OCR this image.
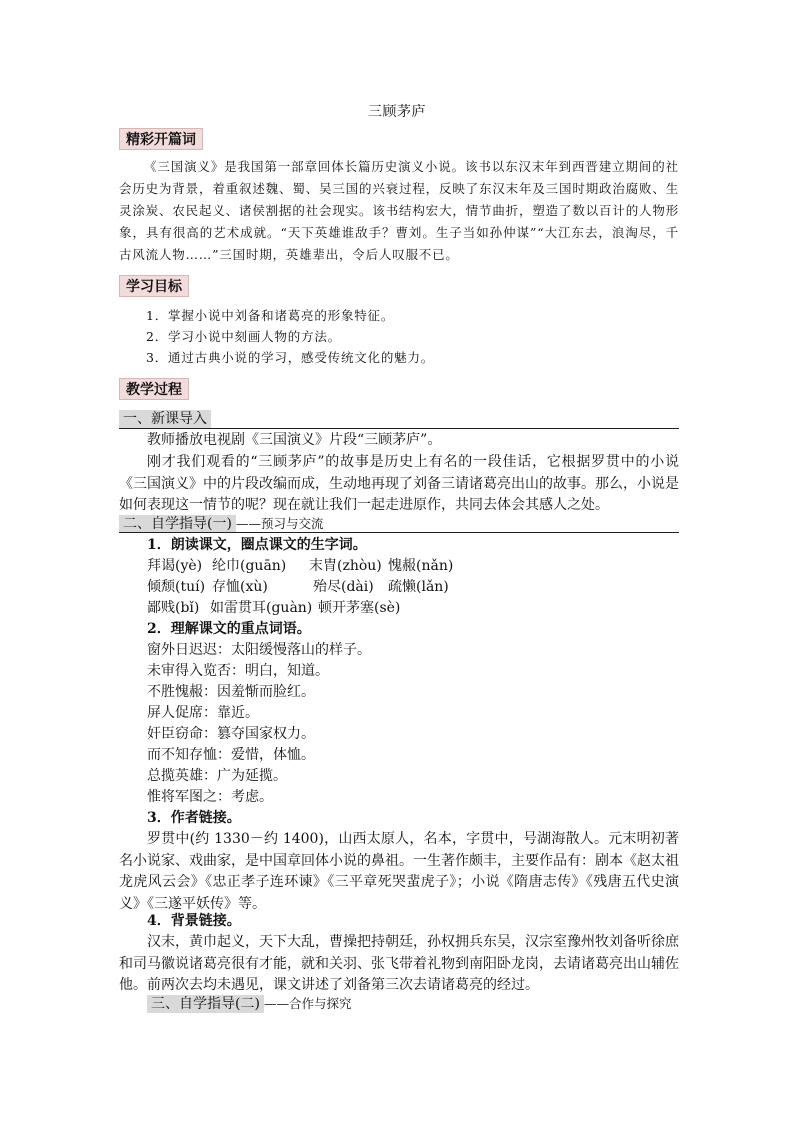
三顾茅庐
精彩开篇词
《三国演义》是我国第一部章回体长篇历史演义小说。该书以东汉末年到西晋建立期间的社会历史为背景，着重叙述魏、蜀、吴三国的兴衰过程，反映了东汉末年及三国时期政治腐败、生灵涂炭、农民起义、诸侯割据的社会现实。该书结构宏大，情节曲折，塑造了数以百计的人物形象，具有很高的艺术成就。“天下英雄谁敌手？曹刘。生子当如孙仲谋”“大江东去，浪淘尽，千古风流人物……”三国时期，英雄辈出，令后人叹服不已。
学习目标
1．掌握小说中刘备和诸葛亮的形象特征。
2．学习小说中刻画人物的方法。
3．通过古典小说的学习，感受传统文化的魅力。
教学过程
一、新课导入
教师播放电视剧《三国演义》片段“三顾茅庐”。
刚才我们观看的“三顾茅庐”的故事是历史上有名的一段佳话，它根据罗贯中的小说《三国演义》中的片段改编而成，生动地再现了刘备三请诸葛亮出山的故事。那么，小说是如何表现这一情节的呢？现在就让我们一起走进原作，共同去体会其感人之处。
二、自学指导(一) ——预习与交流
1．朗读课文，圈点课文的生字词。
拜谒(yè) 纶巾(guān) 末胄(zhòu) 愧赧(nǎn)
倾颓(tuí) 存恤(xù)	殆尽(dài) 疏懒(lǎn)
鄙贱(bǐ) 如雷贯耳(guàn) 顿开茅塞(sè)
2．理解课文的重点词语。
窗外日迟迟：太阳缓慢落山的样子。
未审得入览否：明白，知道。
不胜愧赧：因羞惭而脸红。
屏人促席：靠近。
奸臣窃命：篡夺国家权力。
而不知存恤：爱惜，体恤。
总揽英雄：广为延揽。
惟将军图之：考虑。
3．作者链接。
罗贯中(约 1330－约 1400)，山西太原人，名本，字贯中，号湖海散人。元末明初著名小说家、戏曲家，是中国章回体小说的鼻祖。一生著作颇丰，主要作品有：剧本《赵太祖龙虎风云会》《忠正孝子连环谏》《三平章死哭蜚虎子》；小说《隋唐志传》《残唐五代史演义》《三遂平妖传》等。
4．背景链接。
汉末，黄巾起义，天下大乱，曹操把持朝廷，孙权拥兵东吴，汉宗室豫州牧刘备听徐庶和司马徽说诸葛亮很有才能，就和关羽、张飞带着礼物到南阳卧龙岗，去请诸葛亮出山辅佐他。前两次去均未遇见，课文讲述了刘备第三次去请诸葛亮的经过。
三、自学指导(二) ——合作与探究
